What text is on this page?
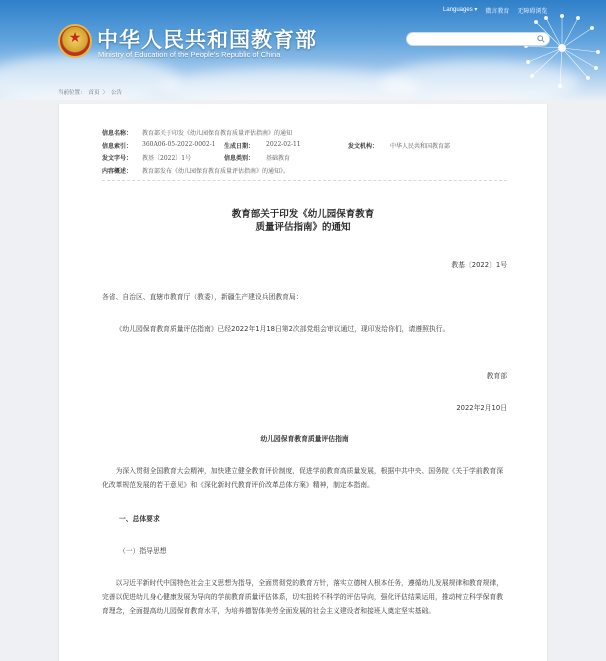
★
中华人民共和国教育部
Ministry of Education of the People's Republic of China
Languages ▾ 微言教育 无障碍浏览
当前位置： 首页 〉 公告
信息名称： 教育部关于印发《幼儿园保育教育质量评估指南》的通知
信息索引： 360A06-05-2022-0002-1 生成日期： 2022-02-11	发文机构： 中华人民共和国教育部
发文字号： 教基〔2022〕1号	信息类别： 基础教育
内容概述： 教育部发布《幼儿园保育教育质量评估指南》的通知》。
教育部关于印发《幼儿园保育教育
质量评估指南》的通知
教基〔2022〕1号
各省、自治区、直辖市教育厅（教委），新疆生产建设兵团教育局：
《幼儿园保育教育质量评估指南》已经2022年1月18日第2次部党组会审议通过，现印发给你们，请遵照执行。
教育部
2022年2月10日
幼儿园保育教育质量评估指南
为深入贯彻全国教育大会精神，加快建立健全教育评价制度，促进学前教育高质量发展，根据中共中央、国务院《关于学前教育深化改革规范发展的若干意见》和《深化新时代教育评价改革总体方案》精神，制定本指南。
一、总体要求
（一）指导思想
以习近平新时代中国特色社会主义思想为指导，全面贯彻党的教育方针，落实立德树人根本任务，遵循幼儿发展规律和教育规律，完善以促进幼儿身心健康发展为导向的学前教育质量评估体系，切实扭转不科学的评估导向，强化评估结果运用，推动树立科学保育教育理念，全面提高幼儿园保育教育水平，为培养德智体美劳全面发展的社会主义建设者和接班人奠定坚实基础。
